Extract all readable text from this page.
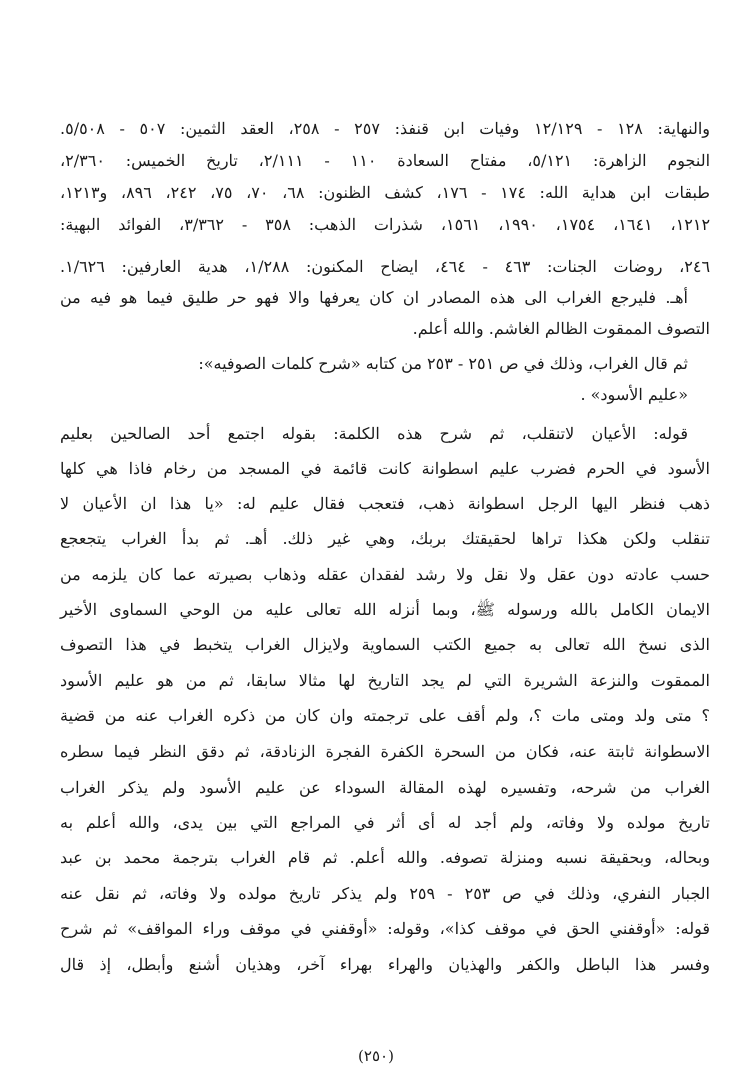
والنهاية: ١٢٨ - ١٢/١٢٩ وفيات ابن قنفذ: ٢٥٧ - ٢٥٨، العقد الثمين: ٥٠٧ - ٥/٥٠٨.
النجوم الزاهرة: ٥/١٢١، مفتاح السعادة ١١٠ - ٢/١١١، تاريخ الخميس: ٢/٣٦٠،
طبقات ابن هداية الله: ١٧٤ - ١٧٦، كشف الظنون: ٦٨، ٧٠، ٧٥، ٢٤٢، ٨٩٦، و١٢١٣،
١٢١٢، ١٦٤١، ١٧٥٤، ١٩٩٠، ١٥٦١، شذرات الذهب: ٣٥٨ - ٣/٣٦٢، الفوائد البهية:
٢٤٦، روضات الجنات: ٤٦٣ - ٤٦٤، ايضاح المكنون: ١/٢٨٨، هدية العارفين: ١/٦٢٦.
أهـ. فليرجع الغراب الى هذه المصادر ان كان يعرفها والا فهو حر طليق فيما هو فيه من
التصوف الممقوت الظالم الغاشم. والله أعلم.
ثم قال الغراب، وذلك في ص ٢٥١ - ٢٥٣ من كتابه «شرح كلمات الصوفيه»:
«عليم الأسود» .
قوله: الأعيان لاتنقلب، ثم شرح هذه الكلمة: بقوله اجتمع أحد الصالحين بعليم
الأسود في الحرم فضرب عليم اسطوانة كانت قائمة في المسجد من رخام فاذا هي كلها
ذهب فنظر اليها الرجل اسطوانة ذهب، فتعجب فقال عليم له: «يا هذا ان الأعيان لا
تنقلب ولكن هكذا تراها لحقيقتك بربك، وهي غير ذلك. أهـ. ثم بدأ الغراب يتجعجع
حسب عادته دون عقل ولا نقل ولا رشد لفقدان عقله وذهاب بصيرته عما كان يلزمه من
الايمان الكامل بالله ورسوله ﷺ، وبما أنزله الله تعالى عليه من الوحي السماوى الأخير
الذى نسخ الله تعالى به جميع الكتب السماوية ولايزال الغراب يتخبط في هذا التصوف
الممقوت والنزعة الشريرة التي لم يجد التاريخ لها مثالا سابقا، ثم من هو عليم الأسود
؟ متى ولد ومتى مات ؟، ولم أقف على ترجمته وان كان من ذكره الغراب عنه من قضية
الاسطوانة ثابتة عنه، فكان من السحرة الكفرة الفجرة الزنادقة، ثم دقق النظر فيما سطره
الغراب من شرحه، وتفسيره لهذه المقالة السوداء عن عليم الأسود ولم يذكر الغراب
تاريخ مولده ولا وفاته، ولم أجد له أى أثر في المراجع التي بين يدى، والله أعلم به
وبحاله، وبحقيقة نسبه ومنزلة تصوفه. والله أعلم. ثم قام الغراب بترجمة محمد بن عبد
الجبار النفري، وذلك في ص ٢٥٣ - ٢٥٩ ولم يذكر تاريخ مولده ولا وفاته، ثم نقل عنه
قوله: «أوقفني الحق في موقف كذا»، وقوله: «أوقفني في موقف وراء المواقف» ثم شرح
وفسر هذا الباطل والكفر والهذيان والهراء بهراء آخر، وهذيان أشنع وأبطل، إذ قال
(٢٥٠)
